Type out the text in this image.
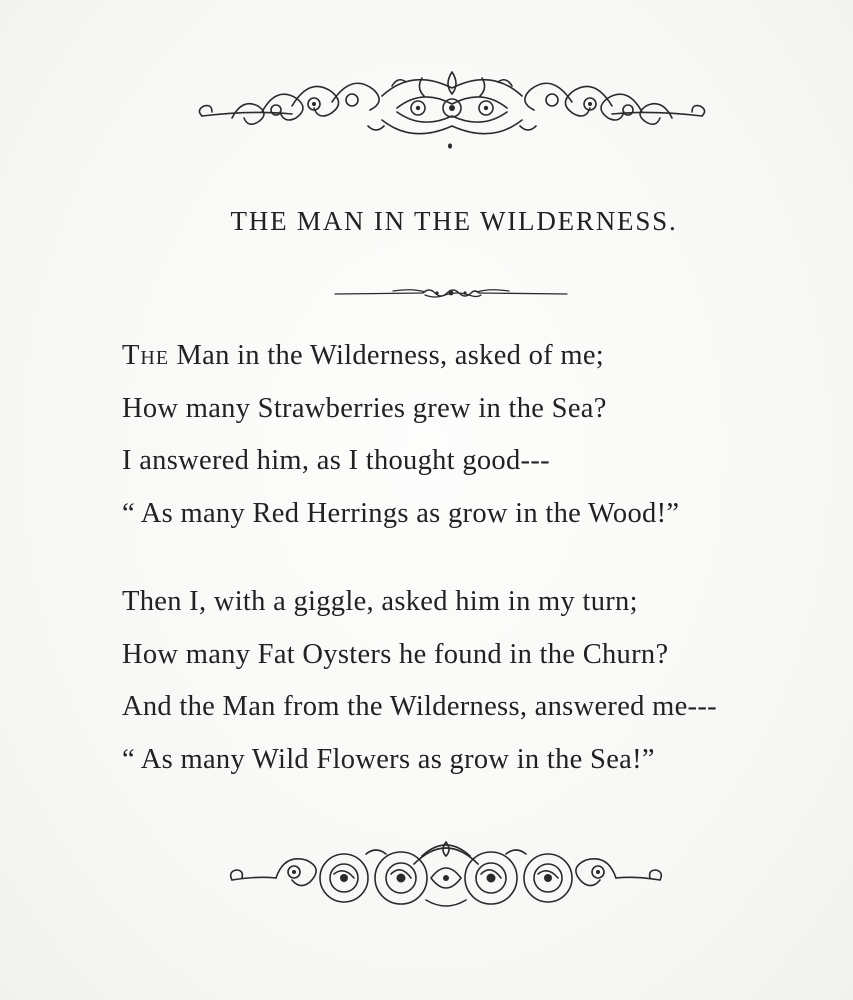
THE MAN IN THE WILDERNESS.
The Man in the Wilderness, asked of me;
How many Strawberries grew in the Sea?
I answered him, as I thought good---
“ As many Red Herrings as grow in the Wood!”
Then I, with a giggle, asked him in my turn;
How many Fat Oysters he found in the Churn?
And the Man from the Wilderness, answered me---
“ As many Wild Flowers as grow in the Sea!”
